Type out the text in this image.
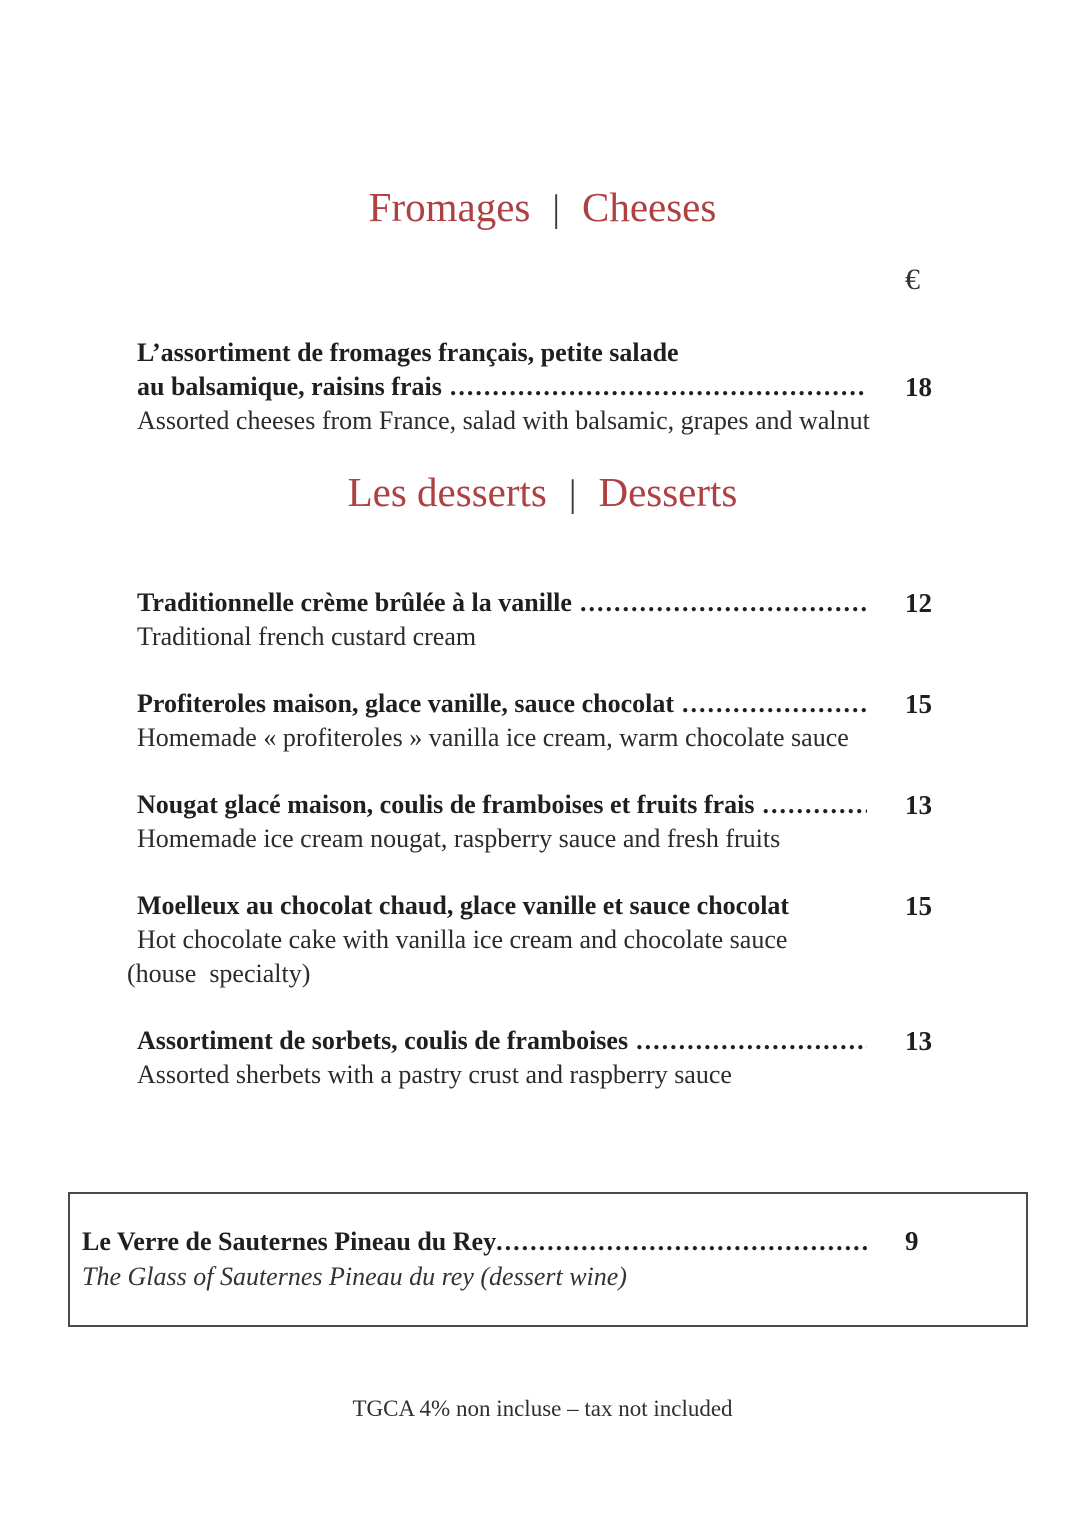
Fromages | Cheeses
€
L’assortiment de fromages français, petite salade
au balsamique, raisins frais .....	18
Assorted cheeses from France, salad with balsamic, grapes and walnut
Les desserts | Desserts
Traditionnelle crème brûlée à la vanille .....	12
Traditional french custard cream
Profiteroles maison, glace vanille, sauce chocolat .....	15
Homemade « profiteroles » vanilla ice cream, warm chocolate sauce
Nougat glacé maison, coulis de framboises et fruits frais .....	13
Homemade ice cream nougat, raspberry sauce and fresh fruits
Moelleux au chocolat chaud, glace vanille et sauce chocolat	15
Hot chocolate cake with vanilla ice cream and chocolate sauce
(house  specialty)
Assortiment de sorbets, coulis de framboises .....	13
Assorted sherbets with a pastry crust and raspberry sauce
Le Verre de Sauternes Pineau du Rey .....	9
The Glass of Sauternes Pineau du rey (dessert wine)
TGCA 4% non incluse – tax not included
